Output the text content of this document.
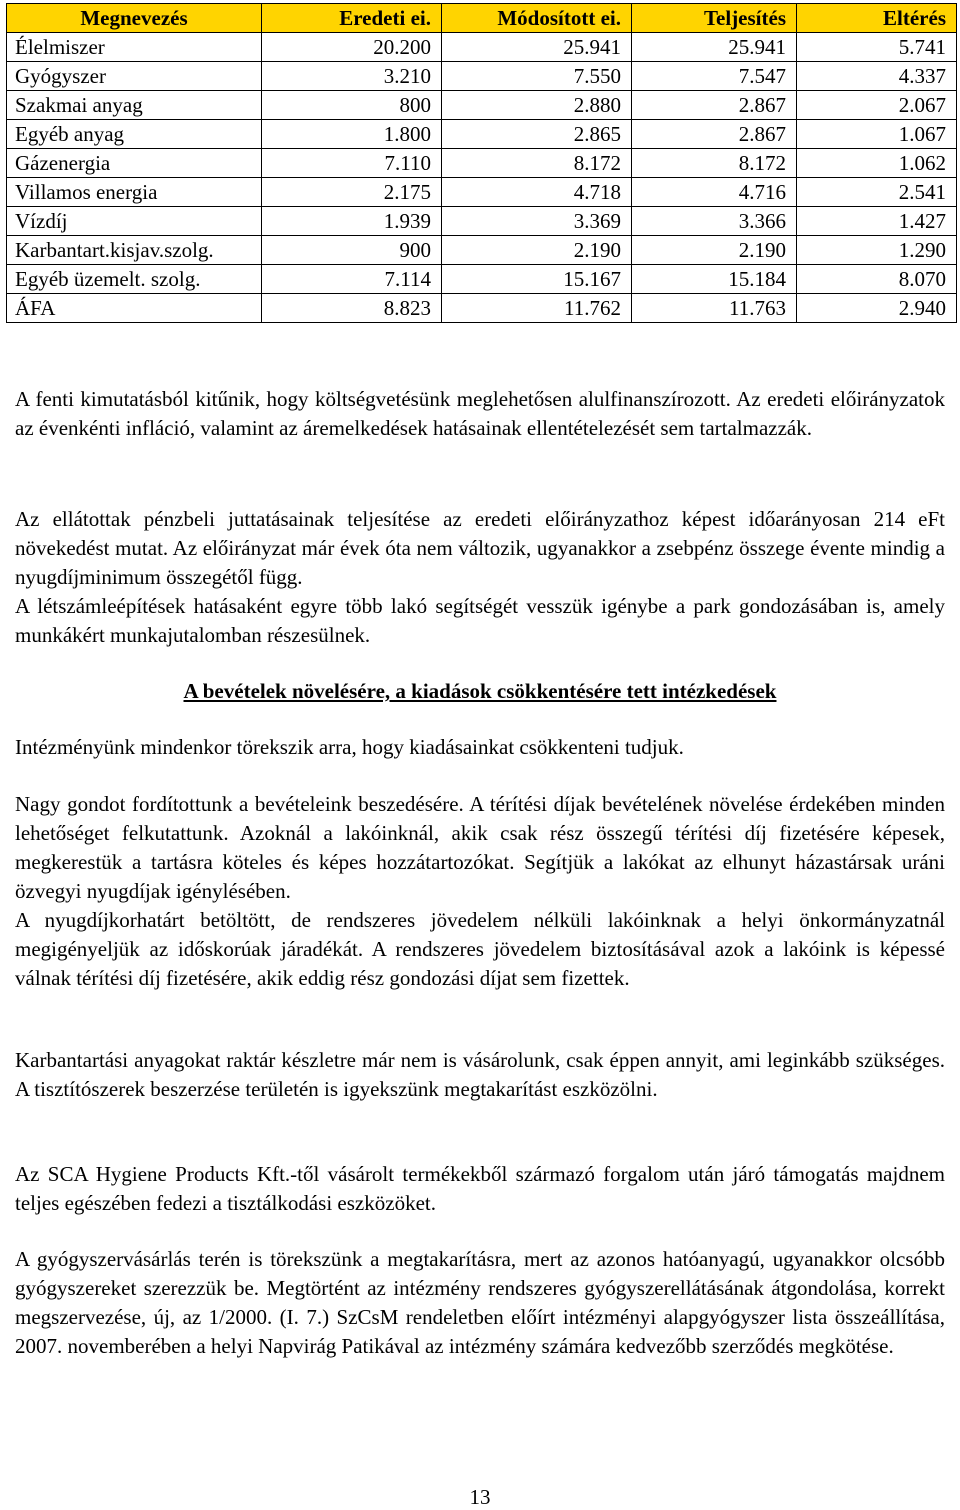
Megnevezés	Eredeti ei.	Módosított ei.	Teljesítés	Eltérés
Élelmiszer	20.200	25.941	25.941	5.741
Gyógyszer	3.210	7.550	7.547	4.337
Szakmai anyag	800	2.880	2.867	2.067
Egyéb anyag	1.800	2.865	2.867	1.067
Gázenergia	7.110	8.172	8.172	1.062
Villamos energia	2.175	4.718	4.716	2.541
Vízdíj	1.939	3.369	3.366	1.427
Karbantart.kisjav.szolg.	900	2.190	2.190	1.290
Egyéb üzemelt. szolg.	7.114	15.167	15.184	8.070
ÁFA	8.823	11.762	11.763	2.940

A fenti kimutatásból kitűnik, hogy költségvetésünk meglehetősen alulfinanszírozott. Az eredeti előirányzatok az évenkénti infláció, valamint az áremelkedések hatásainak ellentételezését sem tartalmazzák.

Az ellátottak pénzbeli juttatásainak teljesítése az eredeti előirányzathoz képest időarányosan 214 eFt növekedést mutat. Az előirányzat már évek óta nem változik, ugyanakkor a zsebpénz összege évente mindig a nyugdíjminimum összegétől függ.

A létszámleépítések hatásaként egyre több lakó segítségét vesszük igénybe a park gondozásában is, amely munkákért munkajutalomban részesülnek.

A bevételek növelésére, a kiadások csökkentésére tett intézkedések

Intézményünk mindenkor törekszik arra, hogy kiadásainkat csökkenteni tudjuk.

Nagy gondot fordítottunk a bevételeink beszedésére. A térítési díjak bevételének növelése érdekében minden lehetőséget felkutattunk. Azoknál a lakóinknál, akik csak rész összegű térítési díj fizetésére képesek, megkerestük a tartásra köteles és képes hozzátartozókat. Segítjük a lakókat az elhunyt házastársak uráni özvegyi nyugdíjak igénylésében.

A nyugdíjkorhatárt betöltött, de rendszeres jövedelem nélküli lakóinknak a helyi önkormányzatnál megigényeljük az időskorúak járadékát. A rendszeres jövedelem biztosításával azok a lakóink is képessé válnak térítési díj fizetésére, akik eddig rész gondozási díjat sem fizettek.

Karbantartási anyagokat raktár készletre már nem is vásárolunk, csak éppen annyit, ami leginkább szükséges. A tisztítószerek beszerzése területén is igyekszünk megtakarítást eszközölni.

Az SCA Hygiene Products Kft.-től vásárolt termékekből származó forgalom után járó támogatás majdnem teljes egészében fedezi a tisztálkodási eszközöket.

A gyógyszervásárlás terén is törekszünk a megtakarításra, mert az azonos hatóanyagú, ugyanakkor olcsóbb gyógyszereket szerezzük be. Megtörtént az intézmény rendszeres gyógyszerellátásának átgondolása, korrekt megszervezése, új, az 1/2000. (I. 7.) SzCsM rendeletben előírt intézményi alapgyógyszer lista összeállítása, 2007. novemberében a helyi Napvirág Patikával az intézmény számára kedvezőbb szerződés megkötése.

13
